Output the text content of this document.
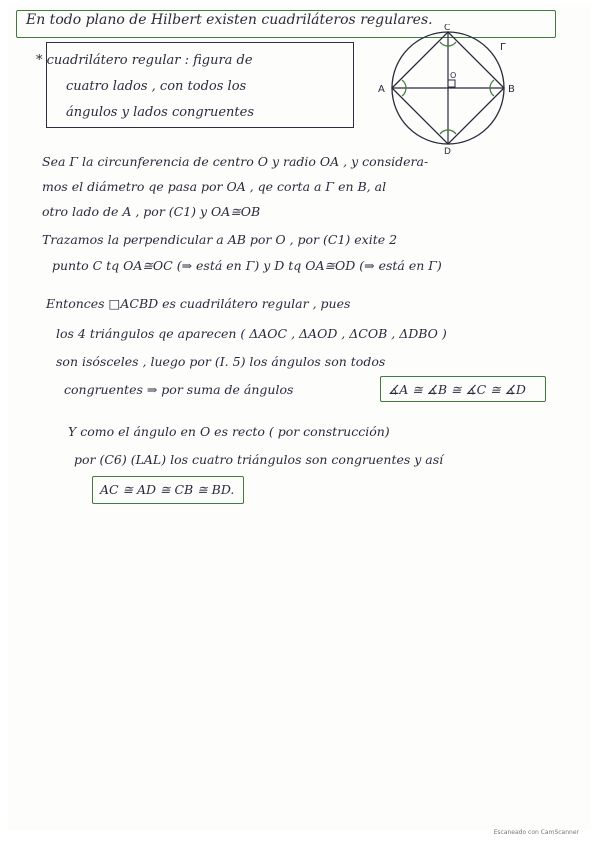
En todo plano de Hilbert existen cuadriláteros regulares.
* cuadrilátero regular : figura de
cuatro lados , con todos los
ángulos y lados congruentes
A	B
C
D
O
Γ
Sea Γ la circunferencia de centro O y radio OA , y considera-
mos el diámetro qe pasa por OA , qe corta a Γ en B, al
otro lado de A , por (C1) y OA≅OB
Trazamos la perpendicular a AB por O , por (C1) exite 2
punto C tq OA≅OC (⇒ está en Γ) y D tq OA≅OD (⇒ está en Γ)
Entonces □ACBD es cuadrilátero regular , pues
los 4 triángulos qe aparecen ( ΔAOC , ΔAOD , ΔCOB , ΔDBO )
son isósceles , luego por (I. 5) los ángulos son todos
congruentes ⇒ por suma de ángulos	∡A ≅ ∡B ≅ ∡C ≅ ∡D
Y como el ángulo en O es recto ( por construcción)
por (C6) (LAL) los cuatro triángulos son congruentes y así
AC ≅ AD ≅ CB ≅ BD.
Escaneado con CamScanner
